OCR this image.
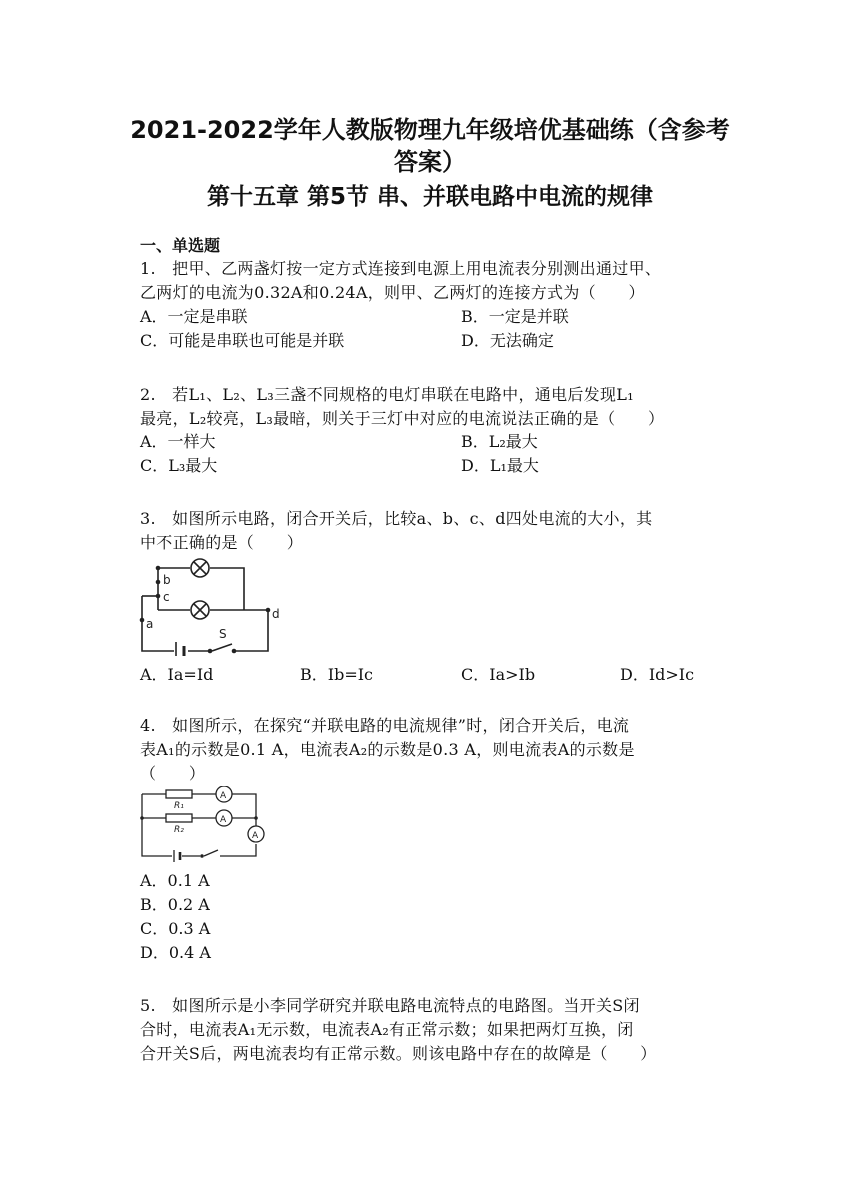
2021-2022学年人教版物理九年级培优基础练（含参考
答案）
第十五章 第5节 串、并联电路中电流的规律
一、单选题
1.　把甲、乙两盏灯按一定方式连接到电源上用电流表分别测出通过甲、
乙两灯的电流为0.32A和0.24A，则甲、乙两灯的连接方式为（　　）
A．一定是串联	B．一定是并联
C．可能是串联也可能是并联	D．无法确定
2.　若L₁、L₂、L₃三盏不同规格的电灯串联在电路中，通电后发现L₁
最亮，L₂较亮，L₃最暗，则关于三灯中对应的电流说法正确的是（　　）
A．一样大	B．L₂最大
C．L₃最大	D．L₁最大
3.　如图所示电路，闭合开关后，比较a、b、c、d四处电流的大小，其
中不正确的是（　　）
a
b
c
d
S
A．Ia=Id	B．Ib=Ic	C．Ia>Ib	D．Id>Ic
4.　如图所示，在探究“并联电路的电流规律”时，闭合开关后，电流
表A₁的示数是0.1 A，电流表A₂的示数是0.3 A，则电流表A的示数是
（　　）
R₁
R₂
A
A
A
A．0.1 A
B．0.2 A
C．0.3 A
D．0.4 A
5.　如图所示是小李同学研究并联电路电流特点的电路图。当开关S闭
合时，电流表A₁无示数，电流表A₂有正常示数；如果把两灯互换，闭
合开关S后，两电流表均有正常示数。则该电路中存在的故障是（　　）
